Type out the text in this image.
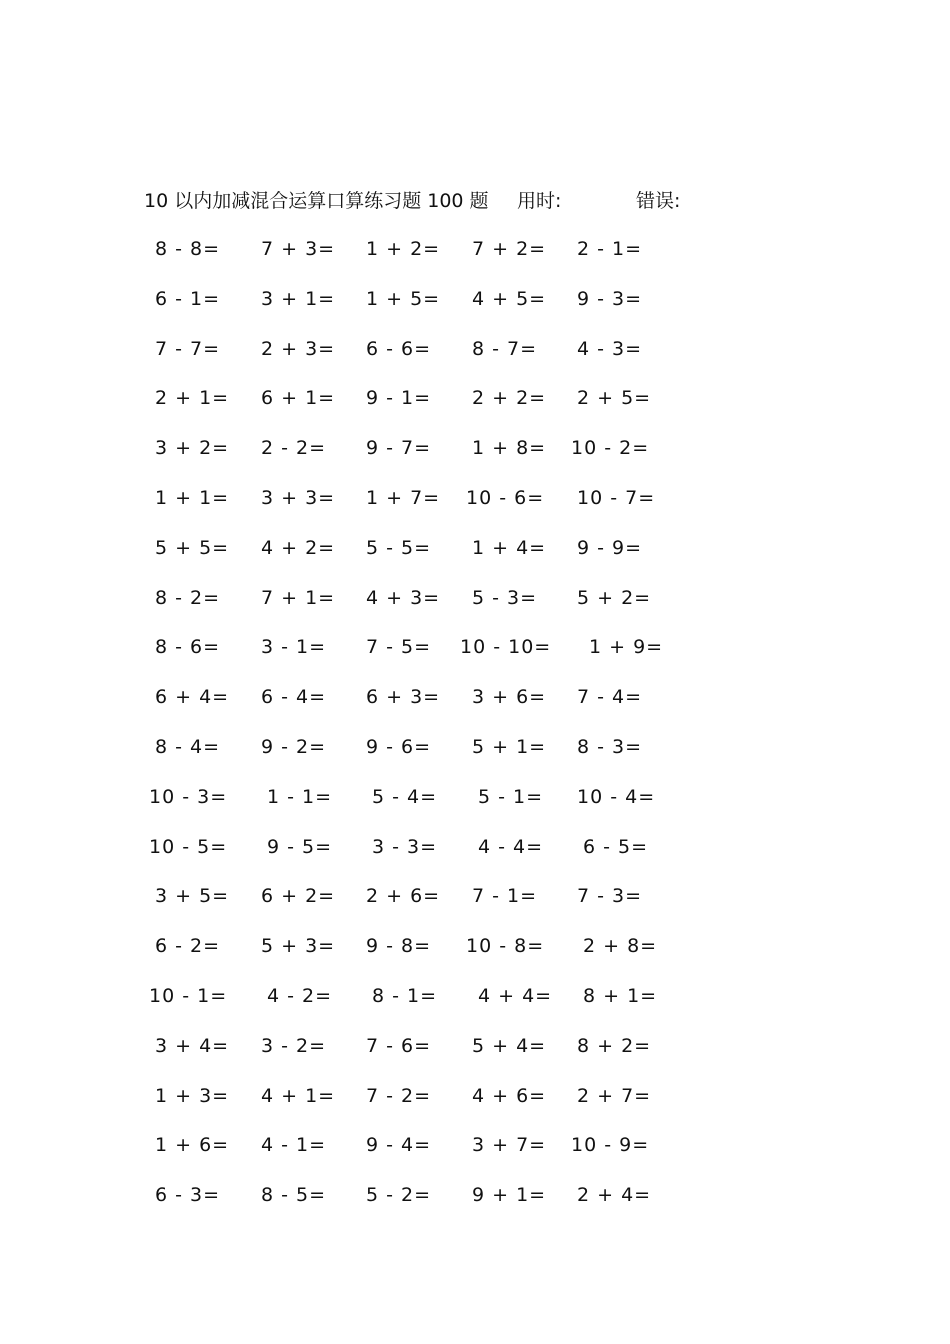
10 以内加减混合运算口算练习题 100 题 用时:	错误:
8 - 8= 7 + 3= 1 + 2= 7 + 2= 2 - 1=
6 - 1= 3 + 1= 1 + 5= 4 + 5= 9 - 3=
7 - 7= 2 + 3= 6 - 6= 8 - 7= 4 - 3=
2 + 1= 6 + 1= 9 - 1= 2 + 2= 2 + 5=
3 + 2= 2 - 2= 9 - 7= 1 + 8= 10 - 2=
1 + 1= 3 + 3= 1 + 7= 10 - 6= 10 - 7=
5 + 5= 4 + 2= 5 - 5= 1 + 4= 9 - 9=
8 - 2= 7 + 1= 4 + 3= 5 - 3= 5 + 2=
8 - 6= 3 - 1= 7 - 5= 10 - 10= 1 + 9=
6 + 4= 6 - 4= 6 + 3= 3 + 6= 7 - 4=
8 - 4= 9 - 2= 9 - 6= 5 + 1= 8 - 3=
10 - 3= 1 - 1= 5 - 4= 5 - 1= 10 - 4=
10 - 5= 9 - 5= 3 - 3= 4 - 4= 6 - 5=
3 + 5= 6 + 2= 2 + 6= 7 - 1= 7 - 3=
6 - 2= 5 + 3= 9 - 8= 10 - 8= 2 + 8=
10 - 1= 4 - 2= 8 - 1= 4 + 4= 8 + 1=
3 + 4= 3 - 2= 7 - 6= 5 + 4= 8 + 2=
1 + 3= 4 + 1= 7 - 2= 4 + 6= 2 + 7=
1 + 6= 4 - 1= 9 - 4= 3 + 7= 10 - 9=
6 - 3= 8 - 5= 5 - 2= 9 + 1= 2 + 4=
